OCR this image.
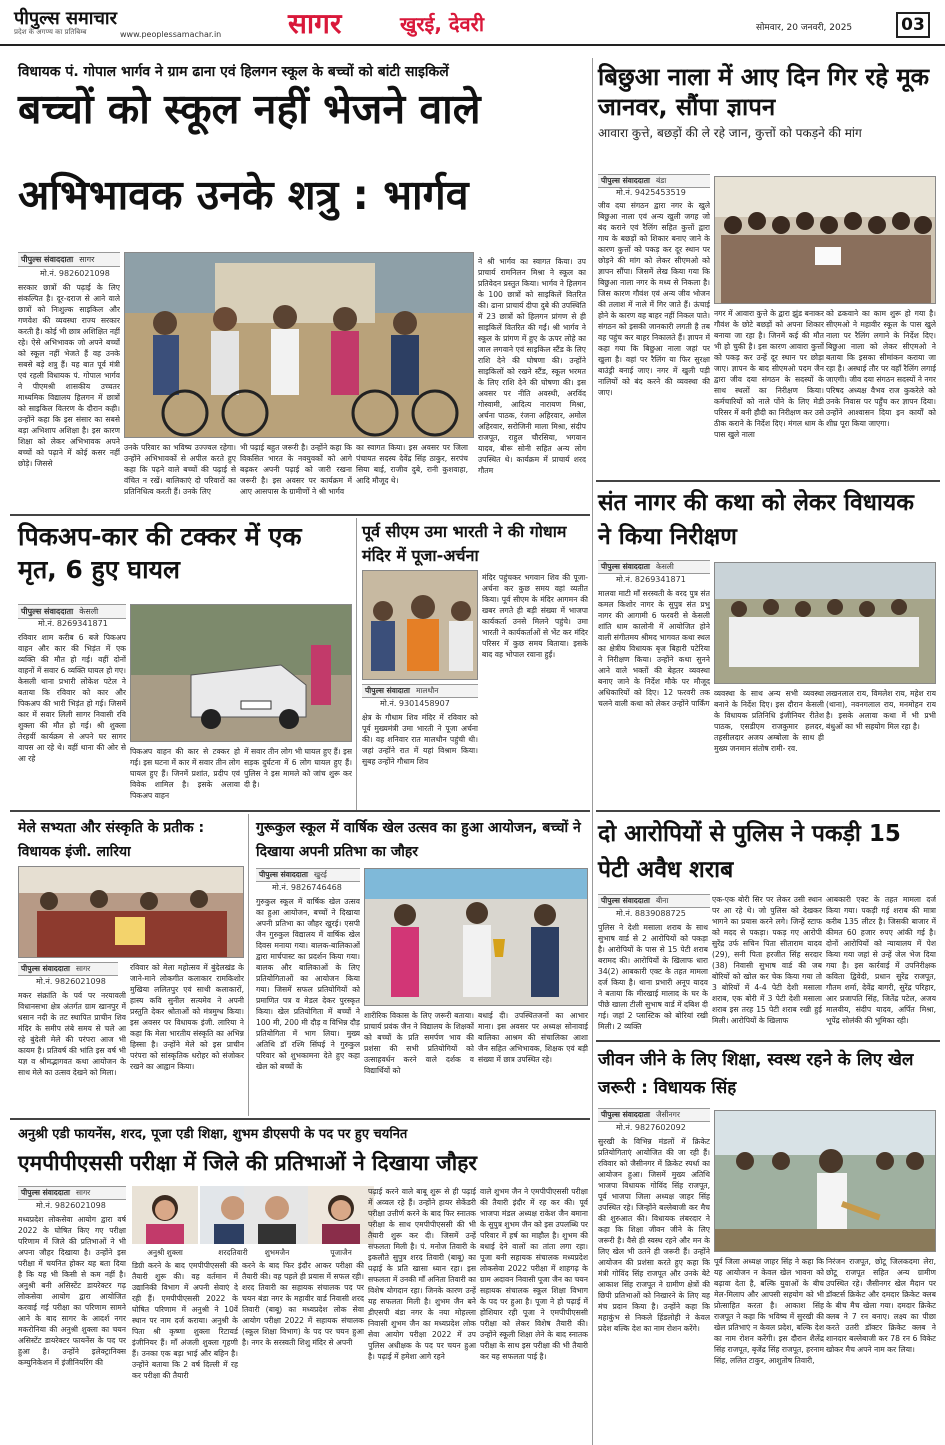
पीपुल्स समाचार
प्रदेश के अगण्य का प्रतिबिम्ब	www.peoplessamachar.in सागर	खुरई, देवरी	सोमवार, 20 जनवरी, 2025	03
विधायक पं. गोपाल भार्गव ने ग्राम ढाना एवं हिलगन स्कूल के बच्चों को बांटी साइकिलें
बच्चों को स्कूल नहीं भेजने वाले
अभिभावक उनके शत्रु : भार्गव
पीपुल्स संवाददाता सागर
मो.नं. 9826021098
सरकार छात्रों की पढ़ाई के लिए संकल्पित है। दूर-दराज से आने वाले छात्रों को निःशुल्क साइकिल और गणवेश की व्यवस्था राज्य सरकार करती है। कोई भी छात्र अशिक्षित नहीं रहे। ऐसे अभिभावक जो अपने बच्चों को स्कूल नहीं भेजते हैं वह उनके सबसे बड़े शत्रु हैं। यह बात पूर्व मंत्री एवं रहली विधायक पं. गोपाल भार्गव ने पीएमश्री शासकीय उच्चतर माध्यमिक विद्यालय हिलगन में छात्रों को साइकिल वितरण के दौरान कही। उन्होंने कहा कि इस संसार का सबसे बड़ा अभिशाप अशिक्षा है। इस कारण शिक्षा को लेकर अभिभावक अपने बच्चों को पढ़ाने में कोई कसर नहीं छोड़े। जिससे
उनके परिवार का भविष्य उज्ज्वल रहेगा। उन्होंने अभिभावकों से अपील करते हुए कहा कि पढ़ने वाले बच्चों की पढ़ाई से वंचित न रखें। बालिकाएं दो परिवारों का प्रतिनिधित्व करती हैं। उनके लिए
भी पढ़ाई बहुत जरूरी है। उन्होंने कहा कि विकसित भारत के नवयुवकों को आगे बढ़कर अपनी पढ़ाई को जारी रखना जरूरी है। इस अवसर पर कार्यक्रम में आए आसपास के ग्रामीणों ने श्री भार्गव
का स्वागत किया। इस अवसर पर जिला पंचायत सदस्य देवेंद्र सिंह ठाकुर, सरपंच सिया बाई, राजीव दुबे, रानी कुशवाहा, आदि मौजूद थे।
ने श्री भार्गव का स्वागत किया। उप प्राचार्य रामनिलन मिश्रा ने स्कूल का प्रतिवेदन प्रस्तुत किया। भार्गव ने हिलगन के 100 छात्रों को साइकिलें वितरित की। ढाना प्राचार्य दीपा दुबे की उपस्थिति में 23 छात्रों को हिलगन प्रांगण से ही साइकिलें वितरित की गईं। श्री भार्गव ने स्कूल के प्रांगण में हुए के ऊपर लोहे का जाल लगवाने एवं साइकिल स्टैंड के लिए राशि देने की घोषणा की। उन्होंने साइकिलों को रखने स्टैंड, स्कूल भरमत के लिए राशि देने की घोषणा की। इस अवसर पर नीति अवस्थी, अरविंद गोस्वामी, आदित्य नारायण मिश्रा, अर्चना पाठक, रंजना अहिरवार, अमोल अहिरवार, सरोजिनी माला मिश्रा, संदीप राजपूत, राहुल चौरसिया, भगवान यादव, बीरू सोनी सहित अन्य लोग उपस्थित थे। कार्यक्रम में प्राचार्य शरद गौतम
बिछुआ नाला में आए दिन गिर रहे मूक जानवर, सौंपा ज्ञापन
आवारा कुत्ते, बछड़ों की ले रहे जान, कुत्तों को पकड़ने की मांग
पीपुल्स संवाददाता बंडा
मो.नं. 9425453519
जीव दया संगठन द्वारा नगर के खुले बिछुआ नाला एवं अन्य खुली जगह जो बंद कराने एवं रैलिंग सहित कुत्तों द्वारा गाय के बछड़ों को शिकार बनाए जाने के कारण कुत्तों को पकड़ कर दूर स्थान पर छोड़ने की मांग को लेकर सीएमओ को ज्ञापन सौंपा। जिसमें लेख किया गया कि बिछुआ नाला नगर के मध्य से निकला है। जिस कारण गौवंश एवं अन्य जीव भोजन की तलाश में नाले में गिर जाते हैं। ऊंचाई होने के कारण वह बाहर नहीं निकल पाते। संगठन को इसकी जानकारी लगती है तब वह पहुंच कर बाहर निकालते हैं। ज्ञापन में कहा गया कि बिछुआ नाला जहां पर खुला है। वहां पर रैलिंग या फिर सुरक्षा बाउंड्री बनाई जाए। नगर में खुली पड़ी नालियों को बंद करने की व्यवस्था की जाए।
नगर में आवारा कुत्ते के द्वारा झुंड बनाकर गौवंश के छोटे बछड़ों को अपना शिकार बनाया जा रहा है। जिनमें कई की मौत भी हो चुकी है। इस कारण आवारा कुत्तों को पकड़ कर उन्हें दूर स्थान पर छोड़ा जाए। ज्ञापन के बाद सीएमओ पदम जैन द्वारा जीव दया संगठन के सदस्यों के साथ स्थलों का निरीक्षण किया। कर्मचारियों को नाले पोंने के लिए मेडी परिसर में बनी हौदी का निरीक्षण कर उसे ठीक कराने के निर्देश दिए। मंगल धाम के पास खुले नाला
को ढकवाने का काम शुरू हो गया है। सीएमओ ने महावीर स्कूल के पास खुले नाला पर रैलिंग लगाने के निर्देश दिए। बिछुआ नाला को लेकर सीएमओ ने बताया कि इसका सीमांकन कराया जा रहा है। अस्थाई तौर पर वहाँ रैलिंग लगाई जाएगी। जीव दया संगठन सदस्यों ने नगर परिषद अध्यक्ष वैभव राज कुकरेले को उनके निवास पर पहुँच कर ज्ञापन दिया। उन्होंने आश्वासन दिया इन कार्यों को शीघ्र पूरा किया जाएगा।
पिकअप-कार की टक्कर में एक मृत, 6 हुए घायल
पीपुल्स संवाददाता केसली
मो.नं. 8269341871
रविवार शाम करीब 6 बजे पिकअप वाहन और कार की भिड़ंत में एक व्यक्ति की मौत हो गई। वहीं दोनों वाहनों में सवार 6 व्यक्ति घायल हो गए। केसली थाना प्रभारी लोकेश पटेल ने बताया कि रविवार को कार और पिकअप की भारी भिड़ंत हो गई। जिसमें कार में सवार लिली सागर निवासी रवि शुक्ला की मौत हो गई। श्री शुक्ला तेरहवीं कार्यक्रम से अपने घर सागर वापस आ रहे थे। वहीं थाना की ओर से आ रहे
पिकअप वाहन की कार से टक्कर हो गई। इस घटना में कार में सवार तीन लोग घायल हुए हैं। जिनमें प्रशांत, प्रदीप एवं विवेक शामिल है। इसके अलावा पिकअप वाहन
में सवार तीन लोग भी घायल हुए हैं। इस सड़क दुर्घटना में 6 लोग घायल हुए हैं। पुलिस ने इस मामले को जांच शुरू कर दी है।
पूर्व सीएम उमा भारती ने की गोधाम मंदिर में पूजा-अर्चना
पीपुल्स संवादाता मालथौन
मो.नं. 9301458907
क्षेत्र के गौधाम शिव मंदिर में रविवार को पूर्व मुख्यमंत्री उमा भारती ने पूजा अर्चना की। वह शनिवार रात मालथौन पहुंची थी। जहां उन्होंने रात में यहां विश्राम किया। सुबह उन्होंने गौधाम शिव
मंदिर पहुंचकर भगवान शिव की पूजा-अर्चना कर कुछ समय वहां व्यतीत किया। पूर्व सीएम के मंदिर आगमन की खबर लगते ही बड़ी संख्या में भाजपा कार्यकर्ता उनसे मिलने पहुंचे। उमा भारती ने कार्यकर्ताओं से भेंट कर मंदिर परिसर में कुछ समय बिताया। इसके बाद वह भोपाल रवाना हुईं।
संत नागर की कथा को लेकर विधायक ने किया निरीक्षण
पीपुल्स संवाददाता केसली
मो.नं. 8269341871
मालवा माटी माँ सरस्वती के वरद पुत्र संत कमल किशोर नागर के सुपुत्र संत प्रभु नागर की आगामी 6 फरवरी से केसली शांति धाम कालोनी में आयोजित होने वाली संगीतमय श्रीमद भागवत कथा स्थल का क्षेत्रीय विधायक बृज बिहारी पटेरिया ने निरीक्षण किया। उन्होंने कथा सुनने आने वाले भक्तों की बेहतर व्यवस्था बनाए जाने के निर्देश मौके पर मौजूद अधिकारियों को दिए। 12 फरवरी तक चलने वाली कथा को लेकर उन्होंने पार्किंग
व्यवस्था के साथ अन्य सभी व्यवस्था बनाने के निर्देश दिए। इस दौरान केसली के विधायक प्रतिनिधि इंजीनियर रीतेश पाठक, एसडीएम राजकुमार हलदर, तहसीलदार अजय अम्बोला के साथ ही मुख्य जनमान संतोष रामी- रव.
लखनलाल राय, विमलेश राय, महेश राय (थाना), नवनगलाल राय, मनमोहन राय है। इसके अलावा कथा में भी प्रभी बंधुओं का भी सहयोग मिल रहा है।
दो आरोपियों से पुलिस ने पकड़ी 15 पेटी अवैध शराब
पीपुल्स संवाददाता बीना
मो.नं. 8839088725
पुलिस ने देशी मसाला शराब के साथ सुभाष वार्ड से 2 आरोपियों को पकड़ा है। आरोपियों के पास से 15 पेटी शराब बरामद की। आरोपियों के खिलाफ धारा 34(2) आबकारी एक्ट के तहत मामला दर्ज किया है। थाना प्रभारी अनूप यादव ने बताया कि मीरखाई मालाद के घर के पीछे खाला टीली सुभाष वार्ड में दबिश दी गई। जहां 2 प्लास्टिक को बोरियां रखी मिली। 2 व्यक्ति
एक-एक बोरी सिर पर लेकर उसी स्थान पर आ रहे थे। जो पुलिस को देखकर भागने का प्रयास करने लगे। जिन्हें स्टाफ को मदद से पकड़ा। पकड़ गए आरोपी सुरेंद्र उर्फ सचिन पिता सीताराम यादव (29), सनी पिता हरजीत सिंह सरदार (38) निवासी सुभाष वार्ड की जब बोरियों को खोल कर चेक किया गया तो 3 बोरियों में 4-4 पेटी देशी मसाला शराब, एक बोरी में 3 पेटी देशी मसाला शराब इस तरह 15 पेटी शराब रखी हुई मिली। आरोपियों के खिलाफ
आबकारी एक्ट के तहत मामला दर्ज किया गया। पकड़ी गई शराब की मात्रा करीब 135 लीटर है। जिसकी बाजार में कीमत 60 हजार रुपए आंकी गई है। दोनों आरोपियों को न्यायालय में पेश किया गया जहां से उन्हें जेल भेज दिया गया है। इस कार्रवाई में उपनिरीक्षक कविता द्विवेदी, प्रधान सुरेंद्र राजपूत, गौतम शर्मा, देवेंद्र बागरी, सुरेंद्र परिहार, आर प्रजापति सिंह, जितेंद्र पटेल, अजय मालवीय, संदीप यादव, अर्पित मिश्रा, भूपेंद्र सोलंकी की भूमिका रही।
मेले सभ्यता और संस्कृति के प्रतीक : विधायक इंजी. लारिया
पीपुल्स संवाददाता सागर
मो.नं. 9826021098
मकर संक्रांति के पर्व पर नरयावली विधानसभा क्षेत्र अंतर्गत ग्राम खानपुर में धसान नदी के तट स्थापित प्राचीन शिव मंदिर के समीप लंबे समय से चले आ रहे बुंदेली मेले की परंपरा आज भी कायम है। प्रतिवर्ष की भांति इस वर्ष भी यज्ञ व श्रीमद्भागवत कथा आयोजन के साथ मेले का उत्सव देखने को मिला।
रविवार को मेला महोत्सव में बुंदेलखंड के जाने-माने लोकगीत कलाकार रामकिशोर मुखिया ललितपुर एवं साथी कलाकारों, हास्य कवि सुनील सत्यमेव ने अपनी प्रस्तुति देकर श्रोताओं को मंत्रमुग्ध किया। इस अवसर पर विधायक इंजी. लारिया ने कहा कि मेला भारतीय संस्कृति का अभिन्न हिस्सा है। उन्होंने मेले को इस प्राचीन परंपरा को सांस्कृतिक धरोहर को संजोकर रखने का आह्वान किया।
गुरूकुल स्कूल में वार्षिक खेल उत्सव का हुआ आयोजन, बच्चों ने दिखाया अपनी प्रतिभा का जौहर
पीपुल्स संवाददाता खुरई
मो.नं. 9826746468
गुरुकुल स्कूल में वार्षिक खेल उत्सव का हुआ आयोजन, बच्चों ने दिखाया अपनी प्रतिभा का जौहर खुरई। एसपी जैन गुरुकुल विद्यालय में वार्षिक खेल दिवस मनाया गया। बालक-बालिकाओं द्वारा मार्चपास्ट का प्रदर्शन किया गया। बालक और बालिकाओं के लिए प्रतियोगिताओं का आयोजन किया गया। जिसमें सफल प्रतियोगियों को प्रमाणित पत्र व मेडल देकर पुरस्कृत किया। खेल प्रतियोगिता में बच्चों ने 100 मी, 200 मी दौड़ व विभिन्न दौड़ प्रतियोगिता में भाग लिया। मुख्य अतिथि डॉ रश्मि सिंघई ने गुरुकुल परिवार को शुभकामना देते हुए कहा खेल को बच्चों के
शारीरिक विकास के लिए जरूरी बताया। प्राचार्य प्रवंक जैन ने विद्यालय के शिक्षकों को बच्चों के प्रति समर्पण भाव की प्रशंसा की सभी प्रतियोगियों को उत्साहवर्धन करने वाले दर्शक व विद्यार्थियों को
बधाई दी। उपस्थितजनों का आभार माना। इस अवसर पर अध्यक्ष सोनावाई बालिका आश्रम की संचालिका आशा जैन सहित अभिभावक, शिक्षक एवं बड़ी संख्या में छात्र उपस्थित रहे।	जीवन जीने के लिए शिक्षा, स्वस्थ रहने के लिए खेल जरूरी : विधायक सिंह
पीपुल्स संवाददाता जैसीनगर
मो.नं. 9827602092
सुरखी के विभिन्न मंडलों में क्रिकेट प्रतियोगिताएं आयोजित की जा रही हैं। रविवार को जैसीनगर में क्रिकेट स्पर्धा का आयोजन हुआ। जिसमें मुख्य अतिथि भाजपा विधायक गोविंद सिंह राजपूत, पूर्व भाजपा जिला अध्यक्ष जाहर सिंह उपस्थित रहे। जिन्होंने बल्लेबाजी कर मैच की शुरुआत की। विधायक लंबरदार ने कहा कि शिक्षा जीवन जीने के लिए जरूरी है। वैसे ही स्वस्थ रहने और मन के लिए खेल भी उतने ही जरूरी हैं। उन्होंने आयोजन की प्रशंसा करते हुए कहा कि मंत्री गोविंद सिंह राजपूत और उनके बेटे आकाश सिंह राजपूत ने ग्रामीण क्षेत्रों की छिपी प्रतिभाओं को निखारने के लिए यह मंच प्रदान किया है। उन्होंने कहा कि महाकुंभ से निकले हिंडलोही ने केवल प्रदेश बल्कि देश का नाम रोशन करेंगे।
पूर्व जिला अध्यक्ष जाहर सिंह ने कहा कि यह आयोजन न केवल खेल भावना को बढ़ावा देता है, बल्कि युवाओं के बीच मेल-मिलाप और आपसी सहयोग को भी प्रोत्साहित करता है। आकाश सिंह राजपूत ने कहा कि भविष्य में सुरखी की खेल प्रतिभाएं न केवल प्रदेश, बल्कि देश का नाम रोशन करेंगी। इस दौरान शैलेंद्र सिंह राजपूत, बृजेंद्र सिंह राजपूत, हरनाम सिंह, ललित टाकुर, आशुतोष तिवारी,
निरंजन राजपूत, छोटू जिलकदमा लेरा, छोटू राजपूत सहित अन्य ग्रामीण उपस्थित रहे। जैसीनगर खेल मैदान पर डॉक्टर्स क्रिकेट और दमदार क्रिकेट क्लब के बीच मैच खेला गया। दमदार क्रिकेट क्लब ने 7 रन बनाए। लक्ष्य का पीछा करते उतरी डॉक्टर क्रिकेट क्लब ने शानदार बल्लेबाजी कर 78 रन 6 विकेट खोकर मैच अपने नाम कर लिया।
अनुश्री एडी फायनेंस, शरद, पूजा एडी शिक्षा, शुभम डीएसपी के पद पर हुए चयनित
एमपीपीएससी परीक्षा में जिले की प्रतिभाओं ने दिखाया जौहर
पीपुल्स संवाददाता सागर
मो.नं. 9826021098
मध्यप्रदेश लोकसेवा आयोग द्वारा वर्ष 2022 के घोषित किए गए परीक्षा परिणाम में जिले की प्रतिभाओं ने भी अपना जौहर दिखाया है। उन्होंने इस परीक्षा में चयनित होकर यह बता दिया है कि यह भी किसी से कम नहीं है। अनुश्री बनी असिस्टेंट डायरेक्टर गढ़ लोकसेवा आयोग द्वारा आयोजित करवाई गई परीक्षा का परिणाम सामने आने के बाद सागर के आदर्श नगर मकरोनिया की अनुश्री शुक्ला का चयन असिस्टेंट डायरेक्टर फायनेंस के पद पर हुआ है। उन्होंने इलेक्ट्रानिक्स कम्युनिकेशन में इंजीनियरिंग की
अनुश्री शुक्ला	शरदतिवारी	शुभमजैन	पूजाजैन
डिग्री करने के बाद एमपीपीएससी की तैयारी शुरू की। वह वर्तमान में उद्यानिकी विभाग में अपनी सेवाएं दे रही हैं। एमपीपीएससी 2022 के घोषित परिणाम में अनुश्री ने 10वें स्थान पर नाम दर्ज कराया। अनुश्री के पिता श्री कृष्णा शुक्ला रिटायर्ड इंजीनियर हैं। माँ अंजली शुक्ला गृहणी हैं। उनका एक बड़ा भाई और बहिन है। उन्होंने बताया कि 2 वर्ष दिल्ली में रह कर परीक्षा की तैयारी
करने के बाद फिर इंदौर आकर परीक्षा की तैयारी की। वह पहले ही प्रयास में सफल रही। शरद तिवारी का सहायक संचालक पद पर चयन बंडा नगर के महावीर वार्ड निवासी शरद तिवारी (बाबू) का मध्यप्रदेश लोक सेवा आयोग परीक्षा 2022 में सहायक संचालक (स्कूल शिक्षा विभाग) के पद पर चयन हुआ है। नगर के सरस्वती शिशु मंदिर से अपनी
पढ़ाई करने वाले बाबू शुरू से ही पढ़ाई में अव्वल रहे हैं। उन्होंने हायर सेकेंडरी परीक्षा उत्तीर्ण करने के बाद फिर स्नातक परीक्षा के साथ एमपीपीएससी की भी तैयारी शुरू कर दी। जिसमें उन्हें सफलता मिली है। पं. मनोज तिवारी के इकलौते सुपुत्र शरद तिवारी (बाबू) का पढ़ाई के प्रति खासा ध्यान रहा। इस सफलता में उनकी माँ अनिता तिवारी का विशेष योगदान रहा। जिनके कारण उन्हें यह सफलता मिली है। शुभम जैन बने डीएसपी बंडा नगर के नया मोहल्ला निवासी शुभम जैन का मध्यप्रदेश लोक सेवा आयोग परीक्षा 2022 में उप पुलिस अधीक्षक के पद पर चयन हुआ है। पढ़ाई में हमेशा आगे रहने
वाले शुभम जैन ने एमपीपीएससी परीक्षा की तैयारी इंदौर में रह कर की। पूर्व भाजपा मंडल अध्यक्ष राकेश जैन बमाना के सुपुत्र शुभम जैन को इस उपलब्धि पर परिवार में हर्ष का माहौल है। शुभम की बधाई देने वालों का तांता लगा रहा। पूजा बनी सहायक संचालक मध्यप्रदेश लोकसेवा 2022 परीक्षा में शाहगढ़ के ग्राम अदावन निवासी पूजा जैन का चयन सहायक संचालक स्कूल शिक्षा विभाग के पद पर हुआ है। पूजा ने हो पढ़ाई में होशियार रही पूजा ने एमपीपीएससी परीक्षा को लेकर विशेष तैयारी की। उन्होंने स्कूली शिक्षा लेने के बाद स्नातक परीक्षा के साथ इस परीक्षा की भी तैयारी कर यह सफलता पाई है।
